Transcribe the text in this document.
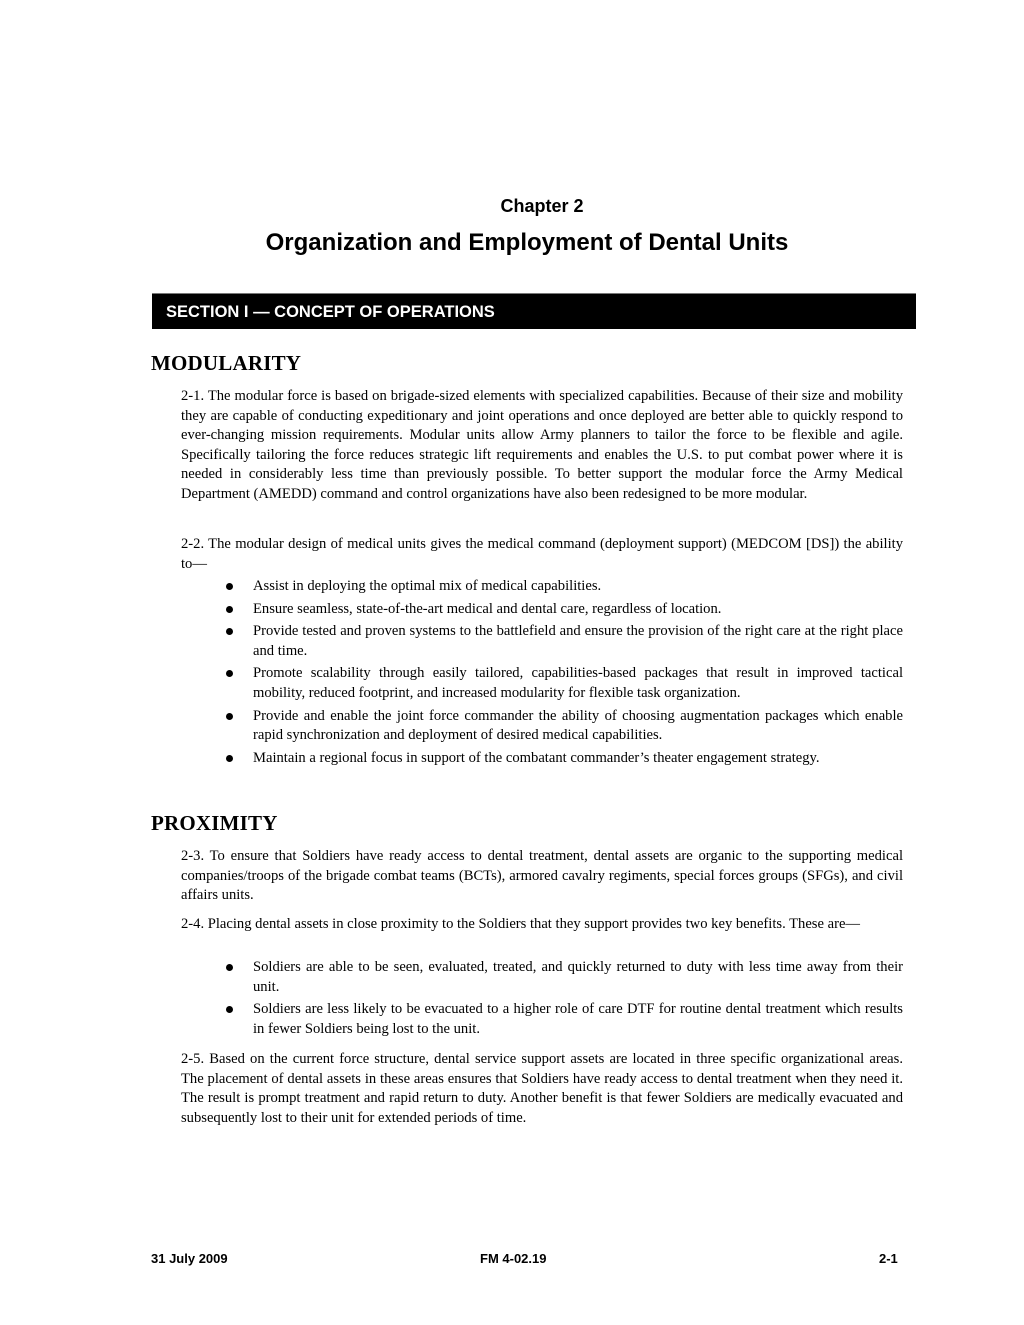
Chapter 2
Organization and Employment of Dental Units
SECTION I — CONCEPT OF OPERATIONS
MODULARITY

2-1. The modular force is based on brigade-sized elements with specialized capabilities. Because of their size and mobility they are capable of conducting expeditionary and joint operations and once deployed are better able to quickly respond to ever-changing mission requirements. Modular units allow Army planners to tailor the force to be flexible and agile. Specifically tailoring the force reduces strategic lift requirements and enables the U.S. to put combat power where it is needed in considerably less time than previously possible. To better support the modular force the Army Medical Department (AMEDD) command and control organizations have also been redesigned to be more modular.

2-2. The modular design of medical units gives the medical command (deployment support) (MEDCOM [DS]) the ability to—

Assist in deploying the optimal mix of medical capabilities.
Ensure seamless, state-of-the-art medical and dental care, regardless of location.
Provide tested and proven systems to the battlefield and ensure the provision of the right care at the right place and time.
Promote scalability through easily tailored, capabilities-based packages that result in improved tactical mobility, reduced footprint, and increased modularity for flexible task organization.
Provide and enable the joint force commander the ability of choosing augmentation packages which enable rapid synchronization and deployment of desired medical capabilities.
Maintain a regional focus in support of the combatant commander’s theater engagement strategy.
PROXIMITY

2-3. To ensure that Soldiers have ready access to dental treatment, dental assets are organic to the supporting medical companies/troops of the brigade combat teams (BCTs), armored cavalry regiments, special forces groups (SFGs), and civil affairs units.

2-4. Placing dental assets in close proximity to the Soldiers that they support provides two key benefits. These are—

Soldiers are able to be seen, evaluated, treated, and quickly returned to duty with less time away from their unit.
Soldiers are less likely to be evacuated to a higher role of care DTF for routine dental treatment which results in fewer Soldiers being lost to the unit.

2-5. Based on the current force structure, dental service support assets are located in three specific organizational areas. The placement of dental assets in these areas ensures that Soldiers have ready access to dental treatment when they need it. The result is prompt treatment and rapid return to duty. Another benefit is that fewer Soldiers are medically evacuated and subsequently lost to their unit for extended periods of time.

31 July 2009	FM 4-02.19	2-1
